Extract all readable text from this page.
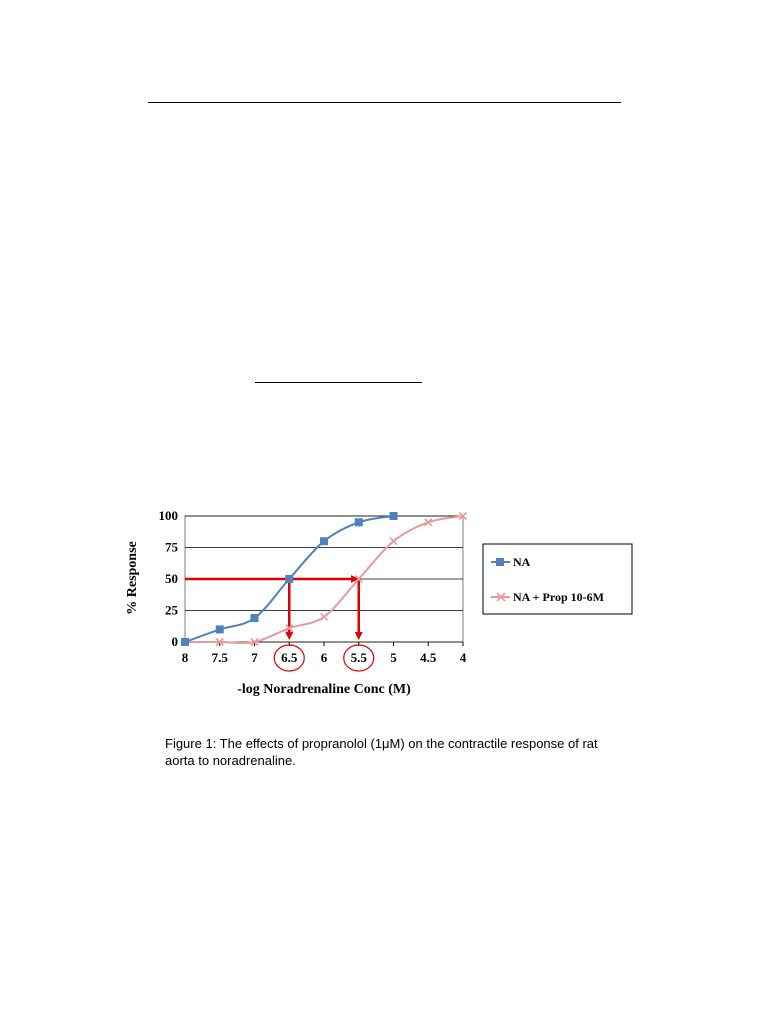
0
25
50
75
100
8 7.5 7 6.5 6 5.5 5 4.5 4
% Response
-log Noradrenaline Conc (M)
NA
NA + Prop 10-6M
Figure 1: The effects of propranolol (1μM) on the contractile response of rat
aorta to noradrenaline.
